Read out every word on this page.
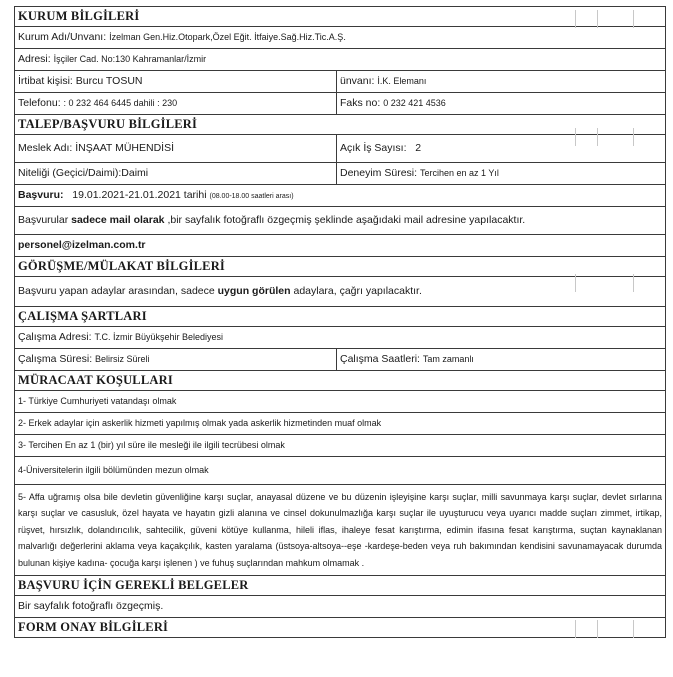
KURUM BİLGİLERİ	
Kurum Adı/Unvanı: İzelman Gen.Hiz.Otopark,Özel Eğit. İtfaiye.Sağ.Hiz.Tic.A.Ş.	
Adresi: İşçiler Cad. No:130 Kahramanlar/İzmir	
İrtibat kişisi: Burcu TOSUN	ünvanı: İ.K. Elemanı
Telefonu: : 0 232 464 6445 dahili : 230	Faks no: 0 232 421 4536
TALEP/BAŞVURU BİLGİLERİ	
Meslek Adı: İNŞAAT MÜHENDİSİ	Açık İş Sayısı: 2
Niteliği (Geçici/Daimi):Daimi	Deneyim Süresi: Tercihen en az 1 Yıl
Başvuru: 19.01.2021-21.01.2021 tarihi (08.00-18.00 saatleri arası)	
Başvurular sadece mail olarak ,bir sayfalık fotoğraflı özgeçmiş şeklinde aşağıdaki mail adresine yapılacaktır.	
personel@izelman.com.tr	
GÖRÜŞME/MÜLAKAT BİLGİLERİ	
Başvuru yapan adaylar arasından, sadece uygun görülen adaylara, çağrı yapılacaktır.	
ÇALIŞMA ŞARTLARI	
Çalışma Adresi: T.C. İzmir Büyükşehir Belediyesi	
Çalışma Süresi: Belirsiz Süreli	Çalışma Saatleri: Tam zamanlı
MÜRACAAT KOŞULLARI	
1- Türkiye Cumhuriyeti vatandaşı olmak	
2- Erkek adaylar için askerlik hizmeti yapılmış olmak yada askerlik hizmetinden muaf olmak	
3- Tercihen En az 1 (bir) yıl süre ile mesleği ile ilgili tecrübesi olmak	
4-Üniversitelerin ilgili bölümünden mezun olmak	
5- Affa uğramış olsa bile devletin güvenliğine karşı suçlar, anayasal düzene ve bu düzenin işleyişine karşı suçlar, milli savunmaya karşı suçlar, devlet sırlarına karşı suçlar ve casusluk, özel hayata ve hayatın gizli alanına ve cinsel dokunulmazlığa karşı suçlar ile uyuşturucu veya uyarıcı madde suçları zimmet, irtikap, rüşvet, hırsızlık, dolandırıcılık, sahtecilik, güveni kötüye kullanma, hileli iflas, ihaleye fesat karıştırma, edimin ifasına fesat karıştırma, suçtan kaynaklanan malvarlığı değerlerini aklama veya kaçakçılık, kasten yaralama (üstsoya-altsoya--eşe -kardeşe-beden veya ruh bakımından kendisini savunamayacak durumda bulunan kişiye kadına- çocuğa karşı işlenen ) ve fuhuş suçlarından mahkum olmamak .	
BAŞVURU İÇİN GEREKLİ BELGELER	
Bir sayfalık fotoğraflı özgeçmiş.	
FORM ONAY BİLGİLERİ	
